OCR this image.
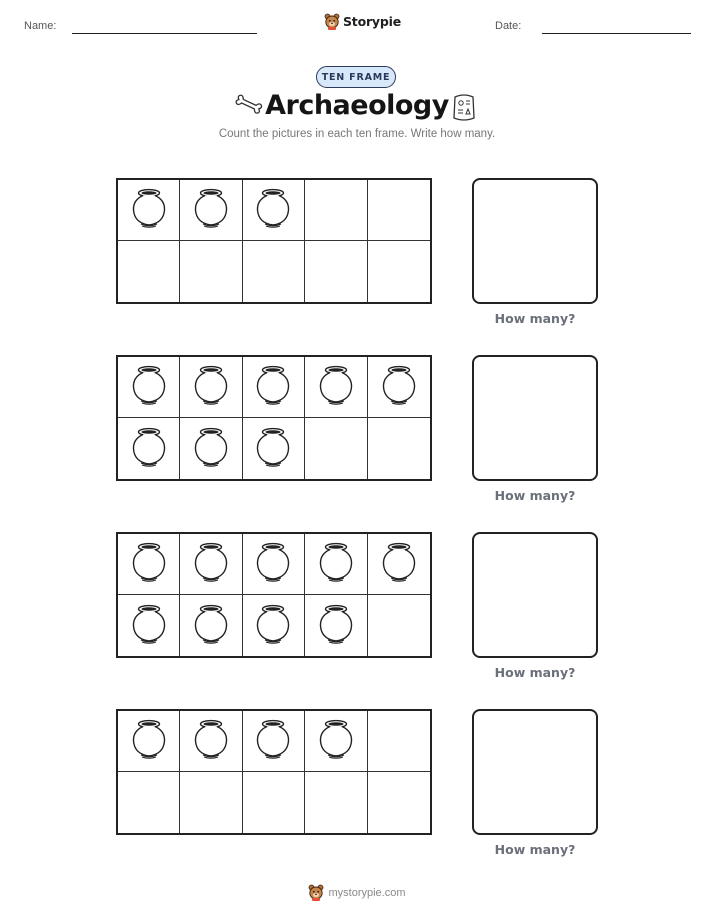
Name:	Storypie	Date:
TEN FRAME
Archaeology
Count the pictures in each ten frame. Write how many.
How many?
How many?
How many?
How many?
mystorypie.com
